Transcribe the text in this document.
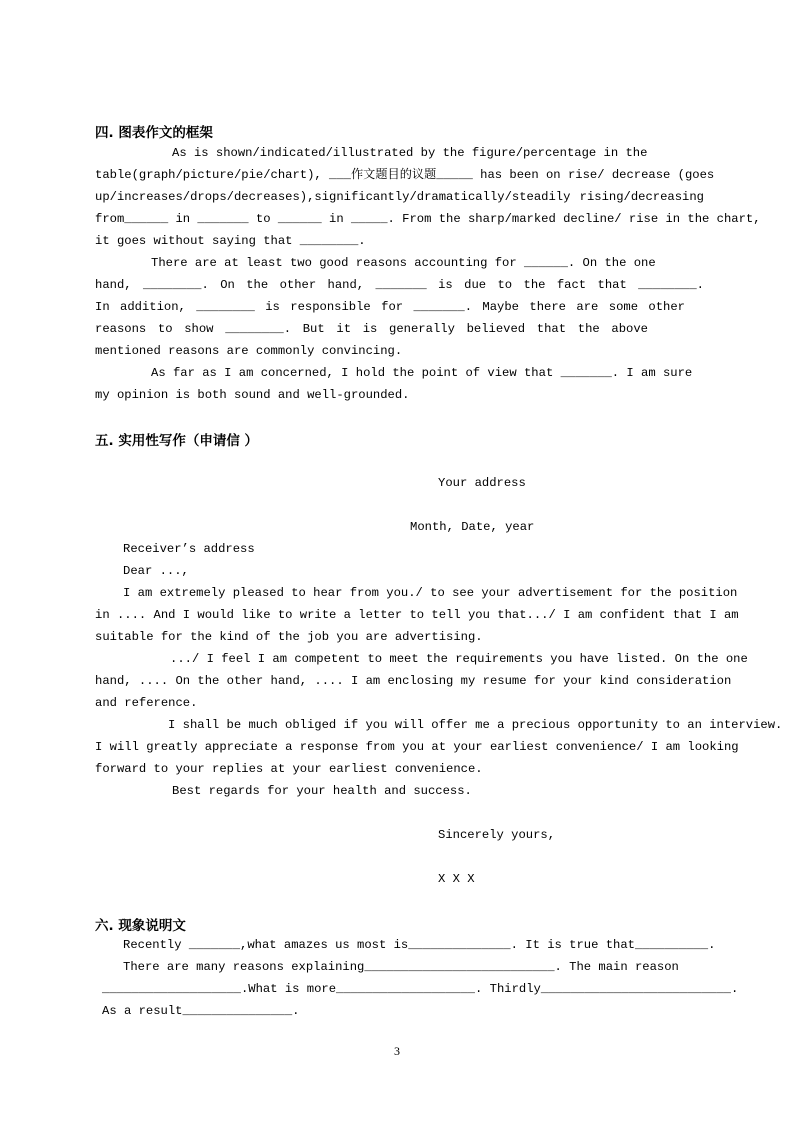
四. 图表作文的框架
As is shown/indicated/illustrated by the figure/percentage in the
table(graph/picture/pie/chart), ___作文题目的议题_____ has been on rise/ decrease (goes
up/increases/drops/decreases),significantly/dramatically/steadily rising/decreasing
from______ in _______ to ______ in _____. From the sharp/marked decline/ rise in the chart,
it goes without saying that ________.
There are at least two good reasons accounting for ______. On the one
hand, ________. On the other hand, _______ is due to the fact that ________.
In addition, ________ is responsible for _______. Maybe there are some other
reasons to show ________. But it is generally believed that the above
mentioned reasons are commonly convincing.
As far as I am concerned, I hold the point of view that _______. I am sure
my opinion is both sound and well-grounded.
五. 实用性写作（申请信 ）
Your address
Month, Date, year
Receiver’s address
Dear ...,
I am extremely pleased to hear from you./ to see your advertisement for the position
in .... And I would like to write a letter to tell you that.../ I am confident that I am
suitable for the kind of the job you are advertising.
.../ I feel I am competent to meet the requirements you have listed. On the one
hand, .... On the other hand, .... I am enclosing my resume for your kind consideration
and reference.
I shall be much obliged if you will offer me a precious opportunity to an interview.
I will greatly appreciate a response from you at your earliest convenience/ I am looking
forward to your replies at your earliest convenience.
Best regards for your health and success.
Sincerely yours,
X X X
六. 现象说明文
Recently _______,what amazes us most is______________. It is true that__________.
There are many reasons explaining__________________________. The main reason
___________________.What is more___________________. Thirdly__________________________.
As a result_______________.
3
